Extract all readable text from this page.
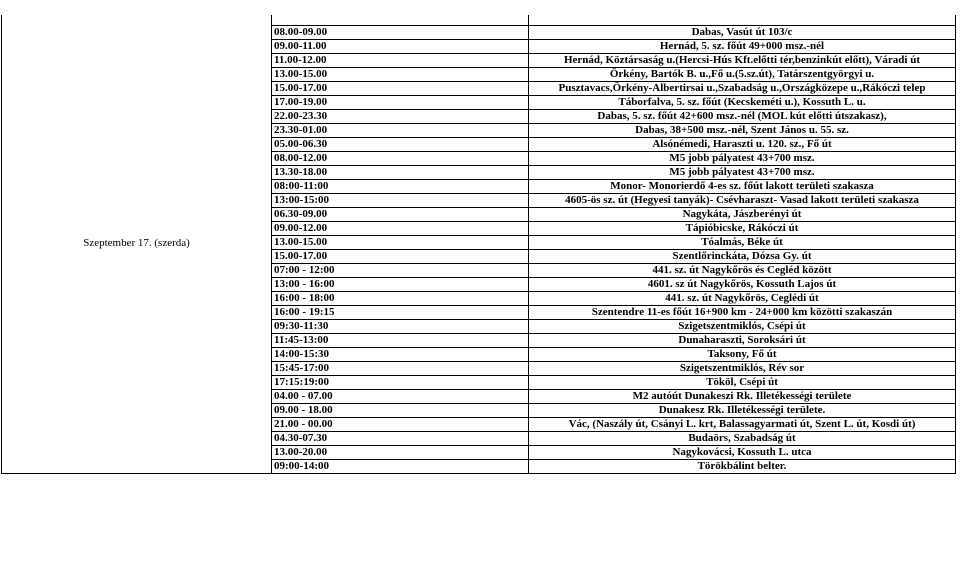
Szeptember 17. (szerda)		
	08.00-09.00	Dabas, Vasút út 103/c
	09.00-11.00	Hernád, 5. sz. főút 49+000 msz.-nél
	11.00-12.00	Hernád, Köztársaság u.(Hercsi-Hús Kft.előtti tér,benzinkút előtt), Váradi út
	13.00-15.00	Örkény, Bartók B. u.,Fő u.(5.sz.út), Tatárszentgyörgyi u.
	15.00-17.00	Pusztavacs,Örkény-Albertirsai u.,Szabadság u.,Országközepe u.,Rákóczi telep
	17.00-19.00	Táborfalva, 5. sz. főút (Kecskeméti u.), Kossuth L. u.
	22.00-23.30	Dabas, 5. sz. főút 42+600 msz.-nél (MOL kút előtti útszakasz),
	23.30-01.00	Dabas, 38+500 msz.-nél, Szent János u. 55. sz.
	05.00-06.30	Alsónémedi, Haraszti u. 120. sz., Fő út
	08.00-12.00	M5 jobb pályatest 43+700 msz.
	13.30-18.00	M5 jobb pályatest 43+700 msz.
	08:00-11:00	Monor- Monorierdő 4-es sz. főút lakott területi szakasza
	13:00-15:00	4605-ös sz. út (Hegyesi tanyák)- Csévharaszt- Vasad lakott területi szakasza
	06.30-09.00	Nagykáta, Jászberényi út
	09.00-12.00	Tápióbicske, Rákóczi út
	13.00-15.00	Tóalmás, Béke út
	15.00-17.00	Szentlőrinckáta, Dózsa Gy. út
	07:00 - 12:00	441. sz. út Nagykőrös és Cegléd között
	13:00 - 16:00	4601. sz út Nagykőrös, Kossuth Lajos út
	16:00 - 18:00	441. sz. út Nagykőrös, Ceglédi út
	16:00 - 19:15	Szentendre 11-es főút 16+900 km - 24+000 km közötti szakaszán
	09:30-11:30	Szigetszentmiklós, Csépi út
	11:45-13:00	Dunaharaszti, Soroksári út
	14:00-15:30	Taksony, Fő út
	15:45-17:00	Szigetszentmiklós, Rév sor
	17:15:19:00	Tököl, Csépi út
	04.00 - 07.00	M2 autóút Dunakeszi Rk. Illetékességi területe
	09.00 - 18.00	Dunakesz Rk. Illetékességi területe.
	21.00 - 00.00	Vác, (Naszály út, Csányi L. krt, Balassagyarmati út, Szent L. út, Kosdi út)
	04.30-07.30	Budaörs, Szabadság út
	13.00-20.00	Nagykovácsi, Kossuth L. utca
	09:00-14:00	Törökbálint belter.
